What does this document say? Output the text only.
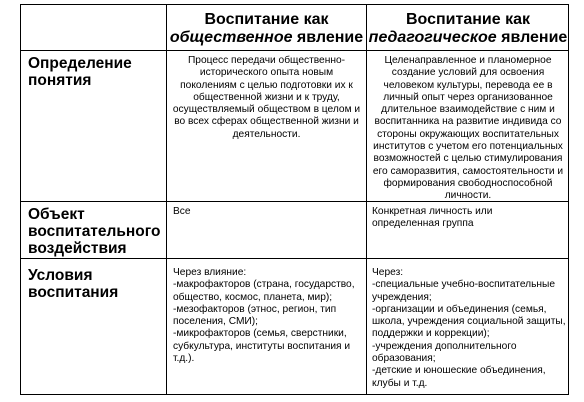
Воспитание как
общественное явление
Воспитание как
педагогическое явление
Определение
понятия
Процесс передачи общественно-
исторического опыта новым
поколениям с целью подготовки их к
общественной жизни и к труду,
осуществляемый обществом в целом и
во всех сферах общественной жизни и
деятельности.
Целенаправленное и планомерное
создание условий для освоения
человеком культуры, перевода ее в
личный опыт через организованное
длительное взаимодействие с ним и
воспитанника на развитие индивида со
стороны окружающих воспитательных
институтов с учетом его потенциальных
возможностей с целью стимулирования
его саморазвития, самостоятельности и
формирования свободноспособной
личности.
Объект
воспитательного
воздействия
Все	Конкретная личность или
определенная группа
Условия
воспитания
Через влияние:
-макрофакторов (страна, государство,
общество, космос, планета, мир);
-мезофакторов (этнос, регион, тип
поселения, СМИ);
-микрофакторов (семья, сверстники,
субкультура, институты воспитания и
т.д.).
Через:
-специальные учебно-воспитательные
учреждения;
-организации и объединения (семья,
школа, учреждения социальной защиты,
поддержки и коррекции);
-учреждения дополнительного
образования;
-детские и юношеские объединения,
клубы и т.д.
